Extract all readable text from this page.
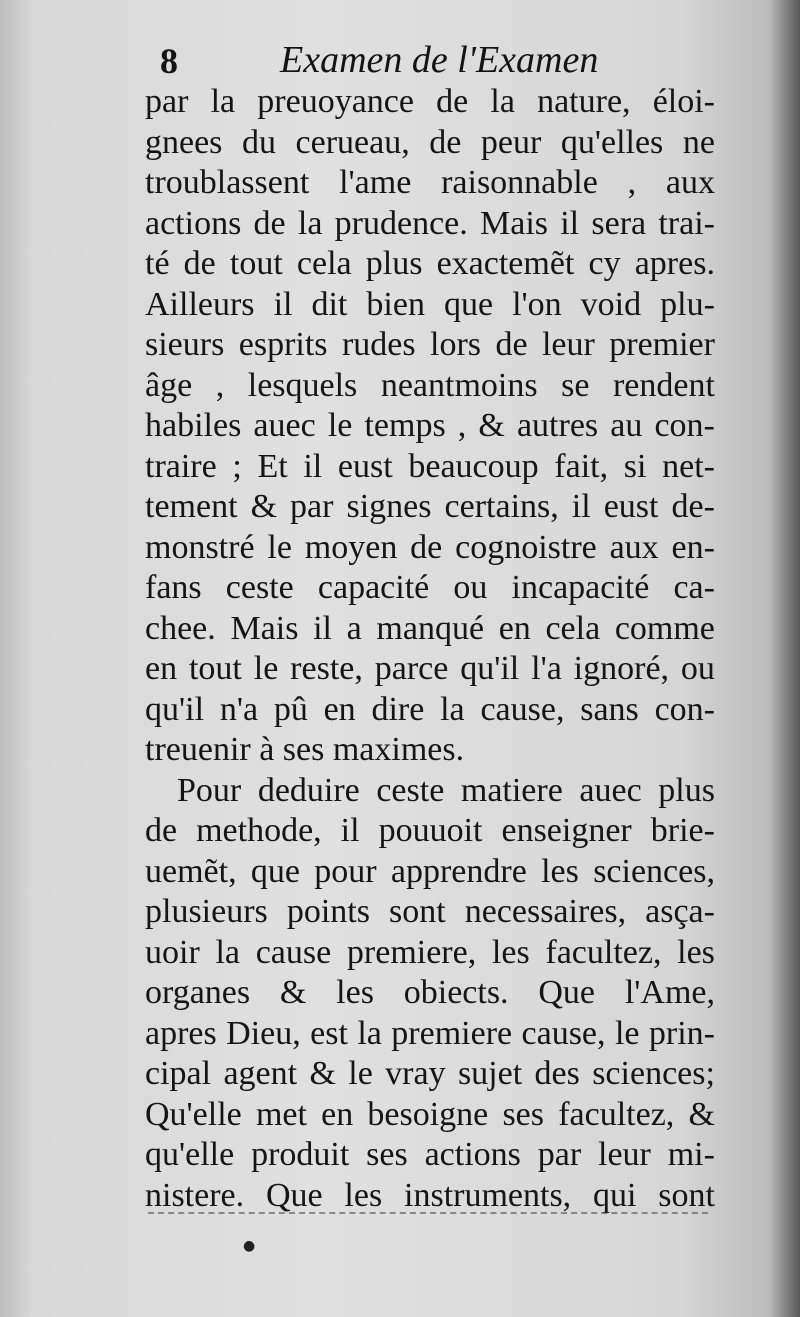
8	Examen de l'Examen
par la preuoyance de la nature, éloi-
gnees du cerueau, de peur qu'elles ne
troublassent l'ame raisonnable , aux
actions de la prudence. Mais il sera trai-
té de tout cela plus exactemẽt cy apres.
Ailleurs il dit bien que l'on void plu-
sieurs esprits rudes lors de leur premier
âge , lesquels neantmoins se rendent
habiles auec le temps , & autres au con-
traire ; Et il eust beaucoup fait, si net-
tement & par signes certains, il eust de-
monstré le moyen de cognoistre aux en-
fans ceste capacité ou incapacité ca-
chee. Mais il a manqué en cela comme
en tout le reste, parce qu'il l'a ignoré, ou
qu'il n'a pû en dire la cause, sans con-
treuenir à ses maximes.
Pour deduire ceste matiere auec plus
de methode, il pouuoit enseigner brie-
uemẽt, que pour apprendre les sciences,
plusieurs points sont necessaires, asça-
uoir la cause premiere, les facultez, les
organes & les obiects. Que l'Ame,
apres Dieu, est la premiere cause, le prin-
cipal agent & le vray sujet des sciences;
Qu'elle met en besoigne ses facultez, &
qu'elle produit ses actions par leur mi-
nistere. Que les instruments, qui sont
●
